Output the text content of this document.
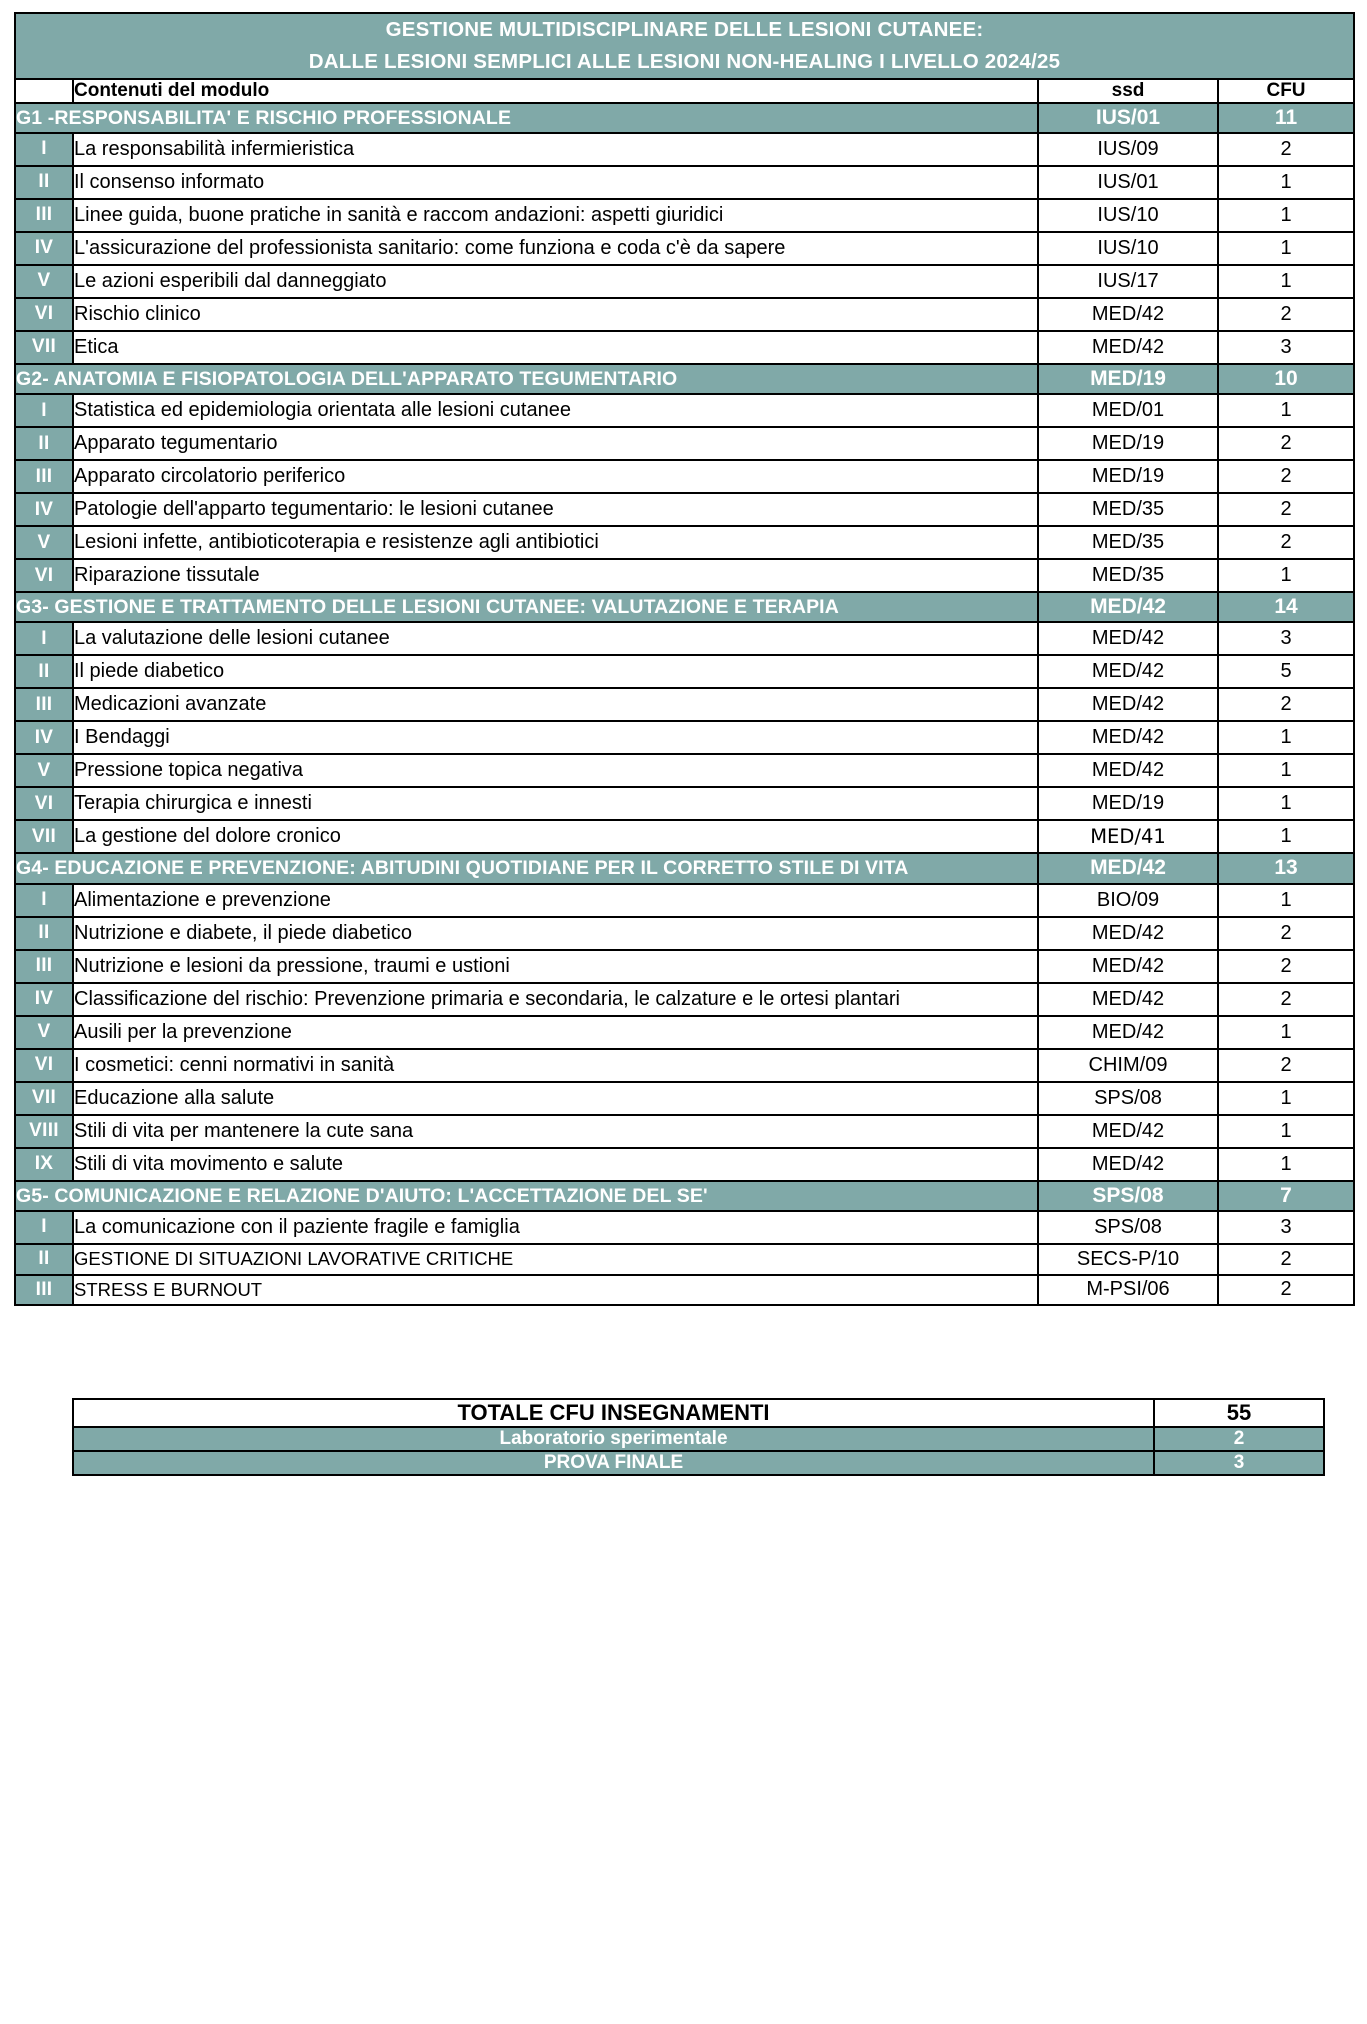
GESTIONE MULTIDISCIPLINARE DELLE LESIONI CUTANEE:
DALLE LESIONI SEMPLICI ALLE LESIONI NON-HEALING I LIVELLO 2024/25			

	Contenuti del modulo	ssd	CFU
G1 -RESPONSABILITA' E RISCHIO PROFESSIONALE		IUS/01	11
I	La responsabilità infermieristica	IUS/09	2
II	Il consenso informato	IUS/01	1
III	Linee guida, buone pratiche in sanità e raccom andazioni: aspetti giuridici	IUS/10	1
IV	L'assicurazione del professionista sanitario: come funziona e coda c'è da sapere	IUS/10	1
V	Le azioni esperibili dal danneggiato	IUS/17	1
VI	Rischio clinico	MED/42	2
VII	Etica	MED/42	3
G2- ANATOMIA E FISIOPATOLOGIA DELL'APPARATO TEGUMENTARIO		MED/19	10
I	Statistica ed epidemiologia orientata alle lesioni cutanee	MED/01	1
II	Apparato tegumentario	MED/19	2
III	Apparato circolatorio periferico	MED/19	2
IV	Patologie dell'apparto tegumentario: le lesioni cutanee	MED/35	2
V	Lesioni infette, antibioticoterapia e resistenze agli antibiotici	MED/35	2
VI	Riparazione tissutale	MED/35	1
G3- GESTIONE E TRATTAMENTO DELLE LESIONI CUTANEE: VALUTAZIONE E TERAPIA		MED/42	14
I	La valutazione delle lesioni cutanee	MED/42	3
II	Il piede diabetico	MED/42	5
III	Medicazioni avanzate	MED/42	2
IV	I Bendaggi	MED/42	1
V	Pressione topica negativa	MED/42	1
VI	Terapia chirurgica e innesti	MED/19	1
VII	La gestione del dolore cronico	MED/41	1
G4- EDUCAZIONE E PREVENZIONE: ABITUDINI QUOTIDIANE PER IL CORRETTO STILE DI VITA		MED/42	13
I	Alimentazione e prevenzione	BIO/09	1
II	Nutrizione e diabete, il piede diabetico	MED/42	2
III	Nutrizione e lesioni da pressione, traumi e ustioni	MED/42	2
IV	Classificazione del rischio: Prevenzione primaria e secondaria, le calzature e le ortesi plantari	MED/42	2
V	Ausili per la prevenzione	MED/42	1
VI	I cosmetici: cenni normativi in sanità	CHIM/09	2
VII	Educazione alla salute	SPS/08	1
VIII	Stili di vita per mantenere la cute sana	MED/42	1
IX	Stili di vita movimento e salute	MED/42	1
G5- COMUNICAZIONE E RELAZIONE D'AIUTO: L'ACCETTAZIONE DEL SE'		SPS/08	7
I	La comunicazione con il paziente fragile e famiglia	SPS/08	3
II	GESTIONE DI SITUAZIONI LAVORATIVE CRITICHE	SECS-P/10	2
III	STRESS E BURNOUT	M-PSI/06	2
TOTALE CFU INSEGNAMENTI	55
Laboratorio sperimentale	2
PROVA FINALE	3
